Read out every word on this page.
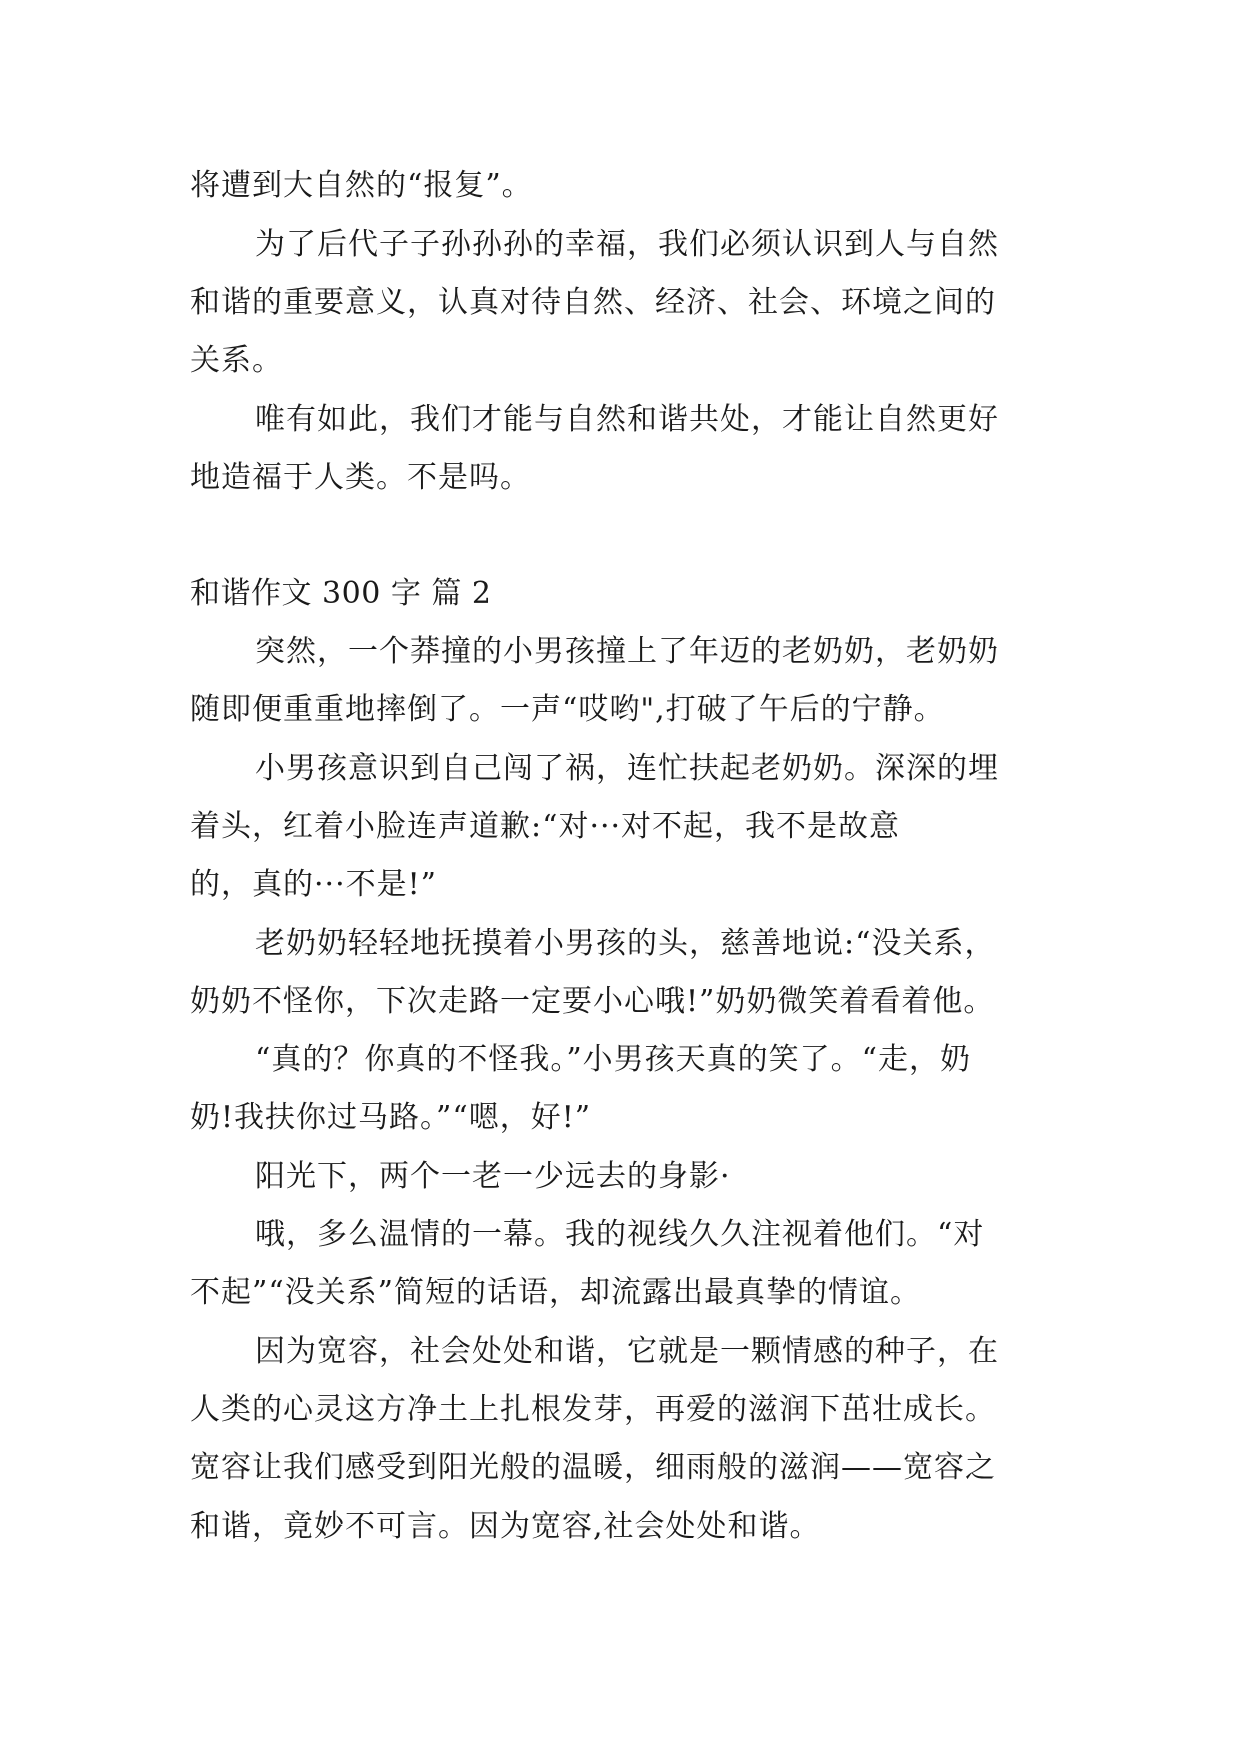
将遭到大自然的“报复”。
为了后代子子孙孙孙的幸福，我们必须认识到人与自然
和谐的重要意义，认真对待自然、经济、社会、环境之间的
关系。
唯有如此，我们才能与自然和谐共处，才能让自然更好
地造福于人类。不是吗。
和谐作文 300 字 篇 2
突然，一个莽撞的小男孩撞上了年迈的老奶奶，老奶奶
随即便重重地摔倒了。一声“哎哟",打破了午后的宁静。
小男孩意识到自己闯了祸，连忙扶起老奶奶。深深的埋
着头，红着小脸连声道歉:“对···对不起，我不是故意
的，真的···不是!”
老奶奶轻轻地抚摸着小男孩的头，慈善地说:“没关系，
奶奶不怪你，下次走路一定要小心哦!”奶奶微笑着看着他。
“真的？你真的不怪我。”小男孩天真的笑了。“走，奶
奶!我扶你过马路。”“嗯，好!”
阳光下，两个一老一少远去的身影·
哦，多么温情的一幕。我的视线久久注视着他们。“对
不起”“没关系”简短的话语，却流露出最真挚的情谊。
因为宽容，社会处处和谐，它就是一颗情感的种子，在
人类的心灵这方净土上扎根发芽，再爱的滋润下茁壮成长。
宽容让我们感受到阳光般的温暖，细雨般的滋润——宽容之
和谐，竟妙不可言。因为宽容,社会处处和谐。
